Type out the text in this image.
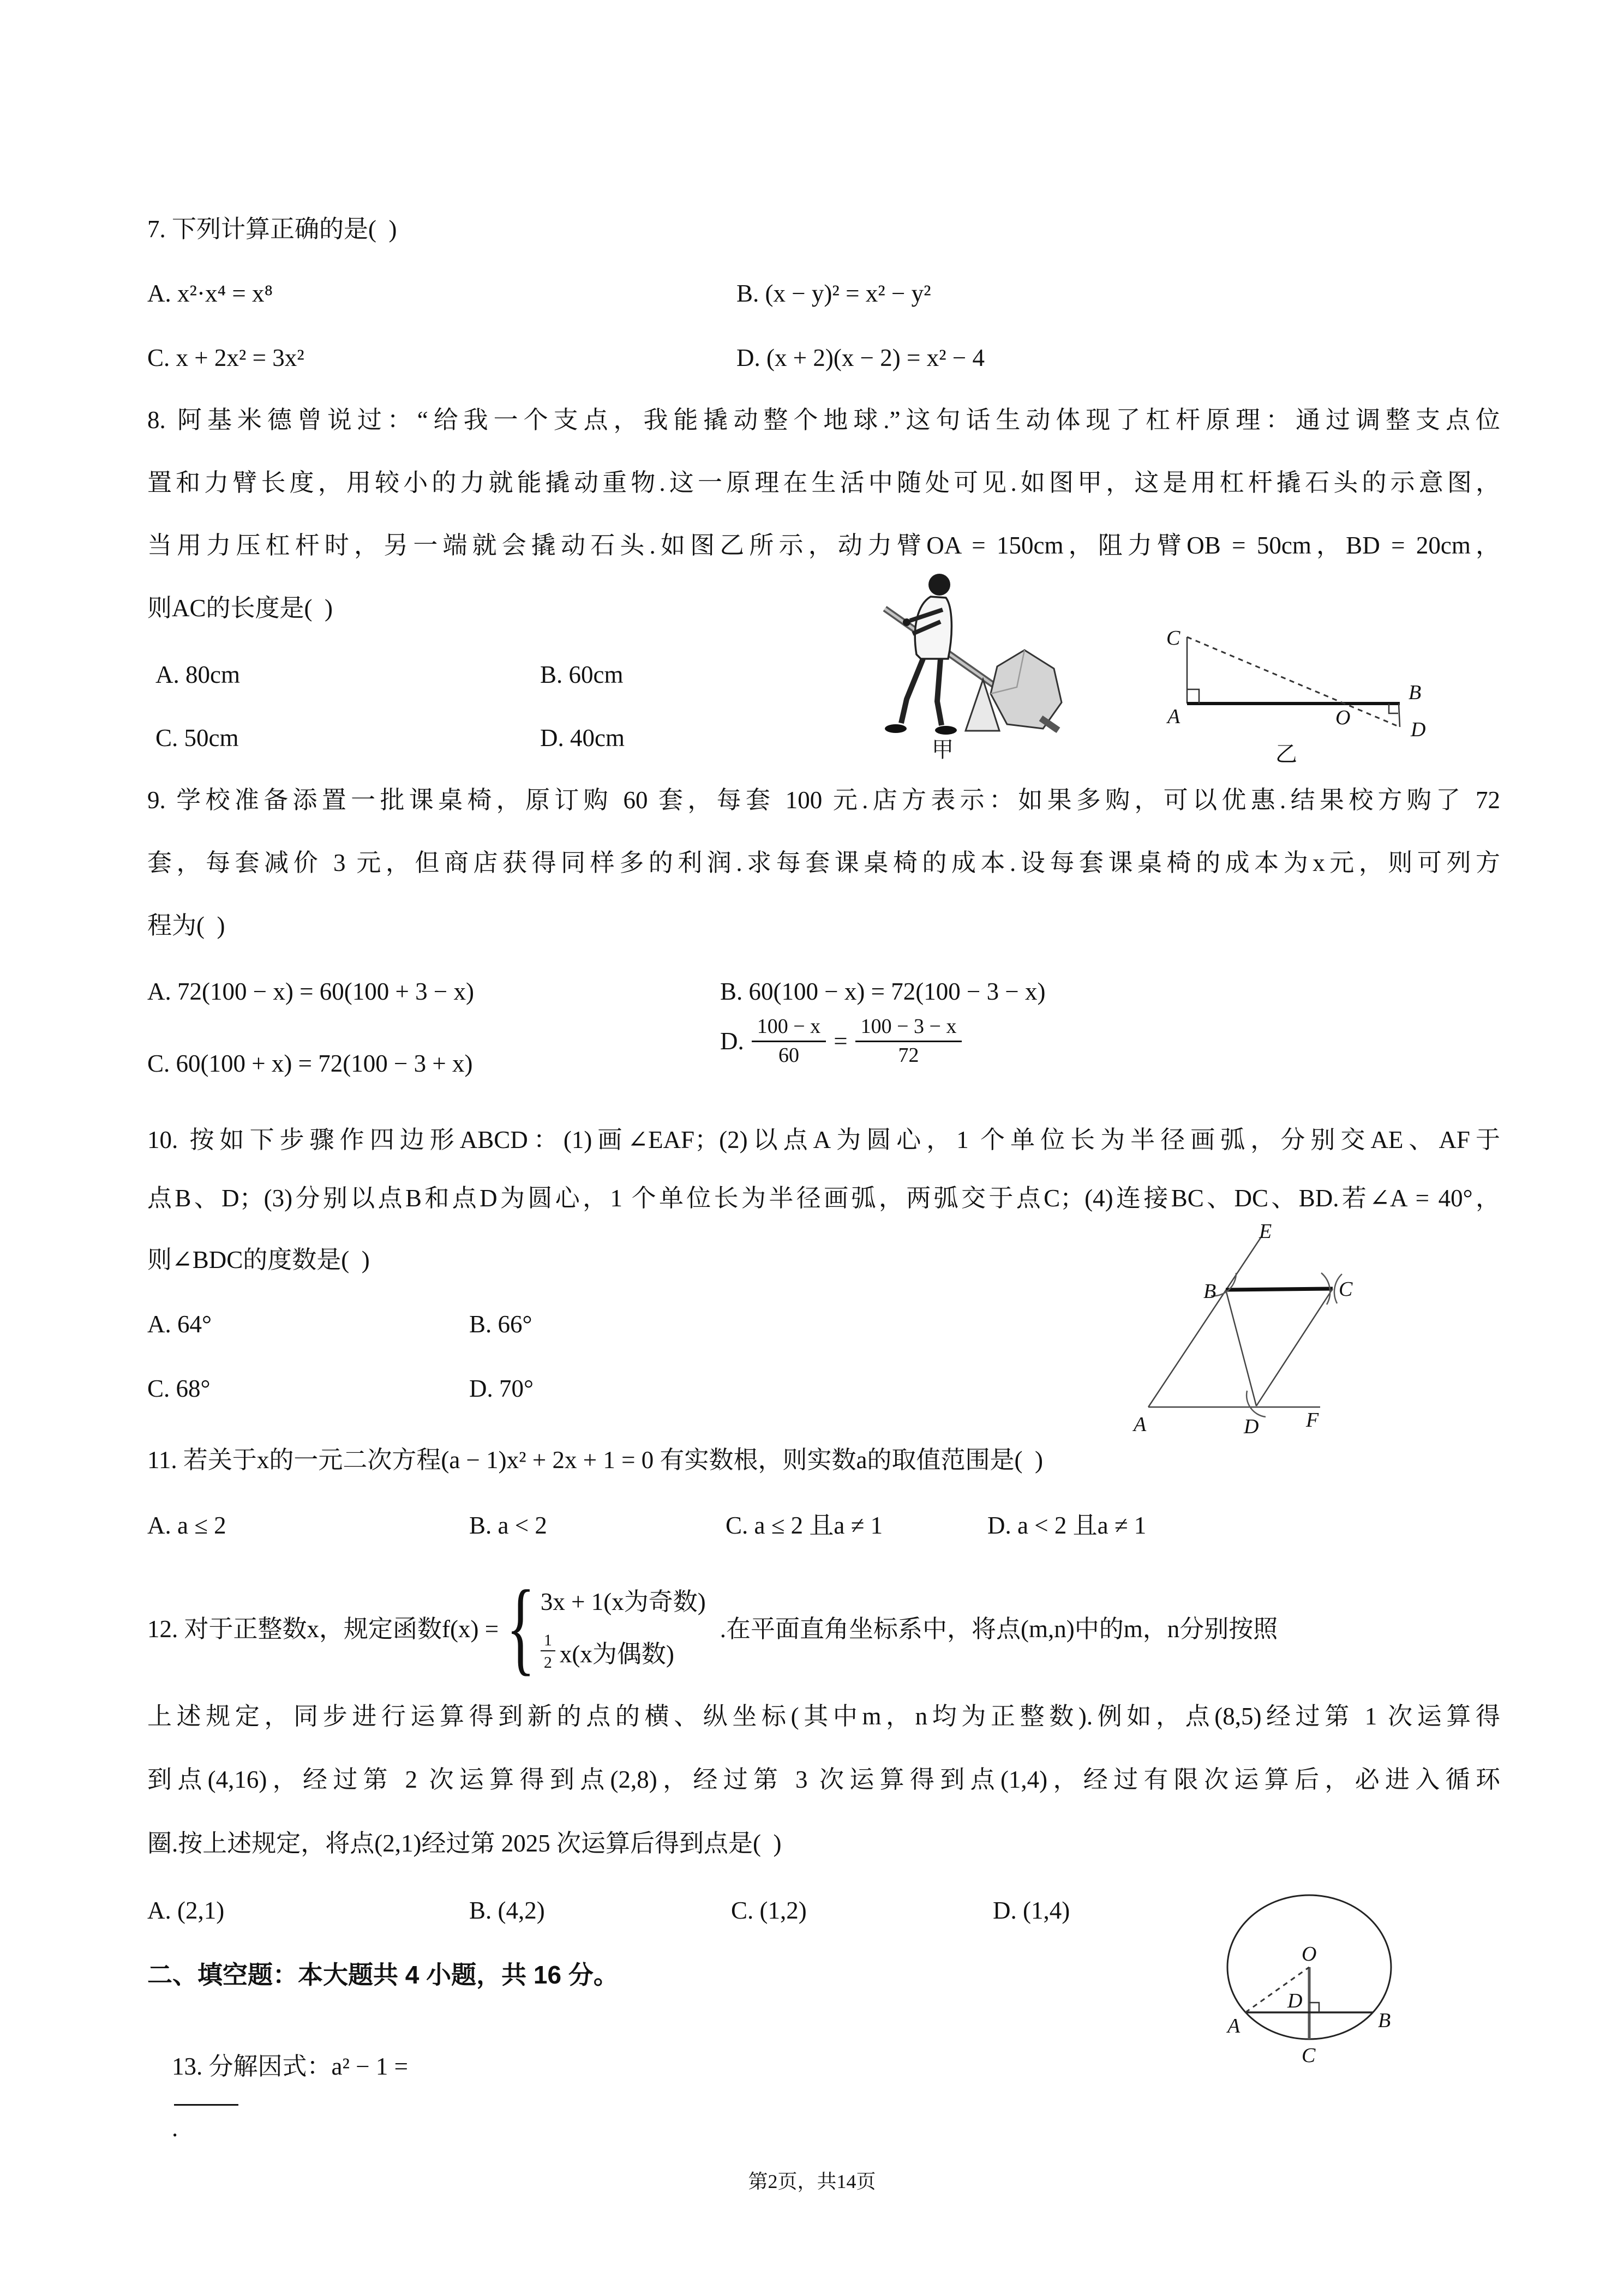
7. 下列计算正确的是(  )
A. x²·x⁴ = x⁸	B. (x − y)² = x² − y²
C. x + 2x² = 3x²	D. (x + 2)(x − 2) = x² − 4
8. 阿基米德曾说过：“给我一个支点，我能撬动整个地球.”这句话生动体现了杠杆原理：通过调整支点位
置和力臂长度，用较小的力就能撬动重物.这一原理在生活中随处可见.如图甲，这是用杠杆撬石头的示意图，
当用力压杠杆时，另一端就会撬动石头.如图乙所示，动力臂OA = 150cm，阻力臂OB = 50cm，BD = 20cm，
则AC的长度是(  )
A. 80cm	B. 60cm
C. 50cm	D. 40cm	甲
C
A	O
B
D
乙
9. 学校准备添置一批课桌椅，原订购 60 套，每套 100 元.店方表示：如果多购，可以优惠.结果校方购了 72
套，每套减价 3 元，但商店获得同样多的利润.求每套课桌椅的成本.设每套课桌椅的成本为x元，则可列方
程为(  )
A. 72(100 − x) = 60(100 + 3 − x)	B. 60(100 − x) = 72(100 − 3 − x)
C. 60(100 + x) = 72(100 − 3 + x)
D. $\frac{100 - x}{60} = \frac{100 - 3 - x}{72}$
10. 按如下步骤作四边形ABCD：(1)画∠EAF；(2)以点A为圆心，1 个单位长为半径画弧，分别交AE、AF于
点B、D；(3)分别以点B和点D为圆心，1 个单位长为半径画弧，两弧交于点C；(4)连接BC、DC、BD.若∠A = 40°，
则∠BDC的度数是(  )
A. 64°	B. 66°
C. 68°	D. 70°
E
B	C
A	D F
11. 若关于x的一元二次方程(a − 1)x² + 2x + 1 = 0 有实数根，则实数a的取值范围是(  )
A. a ≤ 2	B. a < 2	C. a ≤ 2 且a ≠ 1	D. a < 2 且a ≠ 1
12. 对于正整数x，规定函数f(x) = { 3x + 1(x为奇数)
$\frac{1}{2} x(x$为偶数)
.在平面直角坐标系中，将点(m,n)中的m，n分别按照
上述规定，同步进行运算得到新的点的横、纵坐标(其中m，n均为正整数).例如，点(8,5)经过第 1 次运算得
到点(4,16)，经过第 2 次运算得到点(2,8)，经过第 3 次运算得到点(1,4)，经过有限次运算后，必进入循环
圈.按上述规定，将点(2,1)经过第 2025 次运算后得到点是(  )
A. (2,1)	B. (4,2)	C. (1,2)	D. (1,4)
二、填空题：本大题共 4 小题，共 16 分。

13. 分解因式：a² − 1 =

.

O
A	B
C
D
第2页，共14页
